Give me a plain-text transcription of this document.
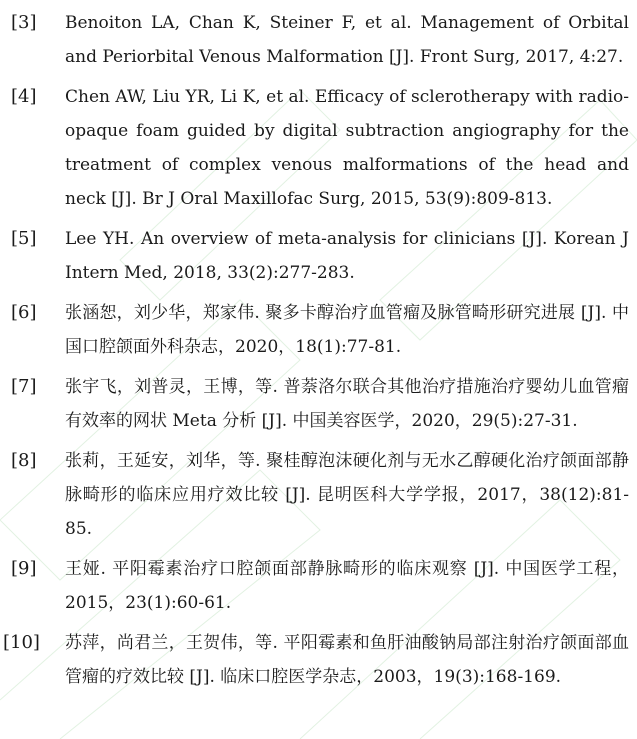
[3] Benoiton LA, Chan K, Steiner F, et al. Management of Orbital and Periorbital Venous Malformation [J]. Front Surg, 2017, 4:27.
[4] Chen AW, Liu YR, Li K, et al. Efficacy of sclerotherapy with radio-opaque foam guided by digital subtraction angiography for the treatment of complex venous malformations of the head and neck [J]. Br J Oral Maxillofac Surg, 2015, 53(9):809-813.
[5] Lee YH. An overview of meta-analysis for clinicians [J]. Korean J Intern Med, 2018, 33(2):277-283.
[6] 张涵恕，刘少华，郑家伟. 聚多卡醇治疗血管瘤及脉管畸形研究进展 [J]. 中国口腔颌面外科杂志，2020，18(1):77-81.
[7] 张宇飞，刘普灵，王博，等. 普萘洛尔联合其他治疗措施治疗婴幼儿血管瘤有效率的网状 Meta 分析 [J]. 中国美容医学，2020，29(5):27-31.
[8] 张莉，王延安，刘华，等. 聚桂醇泡沫硬化剂与无水乙醇硬化治疗颌面部静脉畸形的临床应用疗效比较 [J]. 昆明医科大学学报，2017，38(12):81-85.
[9] 王娅. 平阳霉素治疗口腔颌面部静脉畸形的临床观察 [J]. 中国医学工程，2015，23(1):60-61.
[10] 苏萍，尚君兰，王贺伟，等. 平阳霉素和鱼肝油酸钠局部注射治疗颌面部血管瘤的疗效比较 [J]. 临床口腔医学杂志，2003，19(3):168-169.
